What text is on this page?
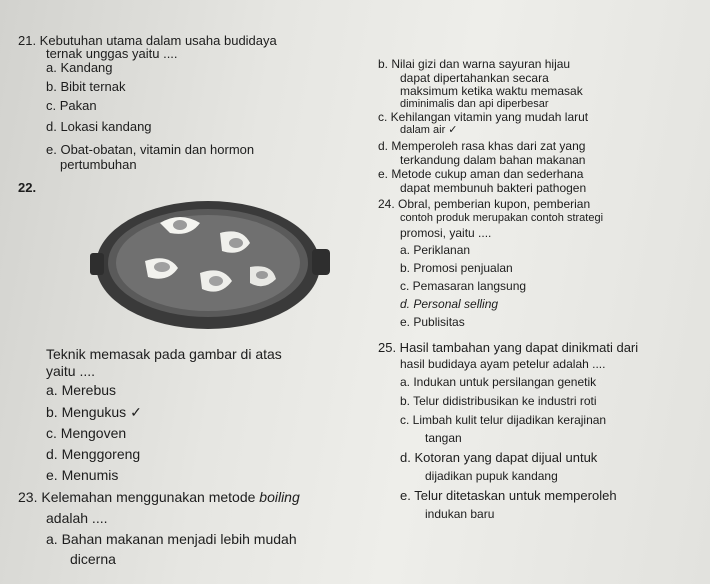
21. Kebutuhan utama dalam usaha budidaya
ternak unggas yaitu ....
a. Kandang
b. Bibit ternak
c. Pakan
d. Lokasi kandang
e. Obat-obatan, vitamin dan hormon
pertumbuhan
22.
Teknik memasak pada gambar di atas
yaitu ....
a. Merebus
b. Mengukus ✓
c. Mengoven
d. Menggoreng
e. Menumis
23. Kelemahan menggunakan metode boiling
adalah ....
a. Bahan makanan menjadi lebih mudah
dicerna
b. Nilai gizi dan warna sayuran hijau
dapat dipertahankan secara
maksimum ketika waktu memasak
diminimalis dan api diperbesar
c. Kehilangan vitamin yang mudah larut
dalam air ✓
d. Memperoleh rasa khas dari zat yang
terkandung dalam bahan makanan
e. Metode cukup aman dan sederhana
dapat membunuh bakteri pathogen
24. Obral, pemberian kupon, pemberian
contoh produk merupakan contoh strategi
promosi, yaitu ....
a. Periklanan
b. Promosi penjualan
c. Pemasaran langsung
d. Personal selling
e. Publisitas
25. Hasil tambahan yang dapat dinikmati dari
hasil budidaya ayam petelur adalah ....
a. Indukan untuk persilangan genetik
b. Telur didistribusikan ke industri roti
c. Limbah kulit telur dijadikan kerajinan
tangan
d. Kotoran yang dapat dijual untuk
dijadikan pupuk kandang
e. Telur ditetaskan untuk memperoleh
indukan baru
